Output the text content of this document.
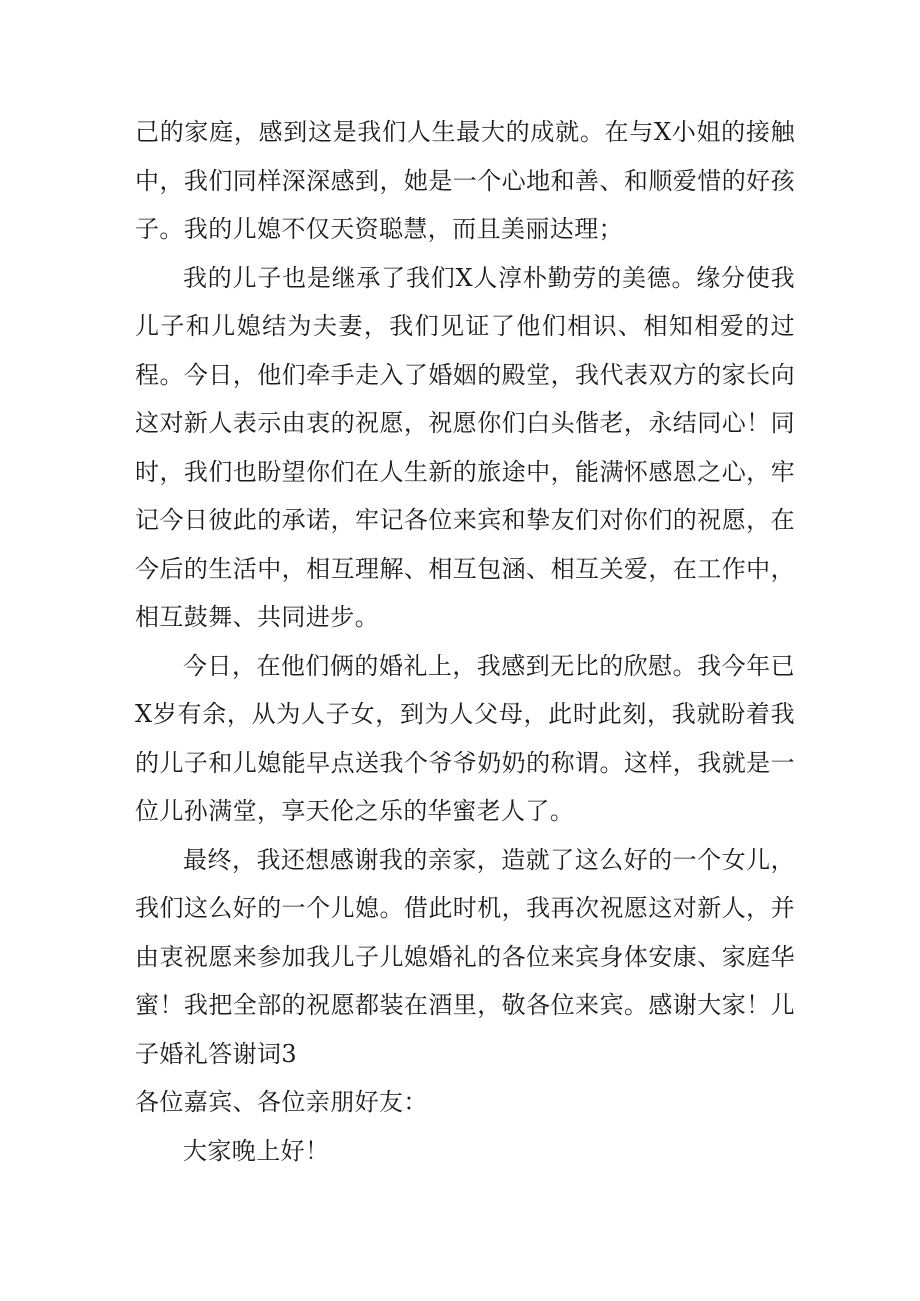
己的家庭，感到这是我们人生最大的成就。在与X小姐的接触中，我们同样深深感到，她是一个心地和善、和顺爱惜的好孩子。我的儿媳不仅天资聪慧，而且美丽达理；

我的儿子也是继承了我们X人淳朴勤劳的美德。缘分使我儿子和儿媳结为夫妻，我们见证了他们相识、相知相爱的过程。今日，他们牵手走入了婚姻的殿堂，我代表双方的家长向这对新人表示由衷的祝愿，祝愿你们白头偕老，永结同心！同时，我们也盼望你们在人生新的旅途中，能满怀感恩之心，牢记今日彼此的承诺，牢记各位来宾和挚友们对你们的祝愿，在今后的生活中，相互理解、相互包涵、相互关爱，在工作中，相互鼓舞、共同进步。

今日，在他们俩的婚礼上，我感到无比的欣慰。我今年已X岁有余，从为人子女，到为人父母，此时此刻，我就盼着我的儿子和儿媳能早点送我个爷爷奶奶的称谓。这样，我就是一位儿孙满堂，享天伦之乐的华蜜老人了。

最终，我还想感谢我的亲家，造就了这么好的一个女儿，我们这么好的一个儿媳。借此时机，我再次祝愿这对新人，并由衷祝愿来参加我儿子儿媳婚礼的各位来宾身体安康、家庭华蜜！我把全部的祝愿都装在酒里，敬各位来宾。感谢大家！儿子婚礼答谢词3

各位嘉宾、各位亲朋好友：

大家晚上好！
